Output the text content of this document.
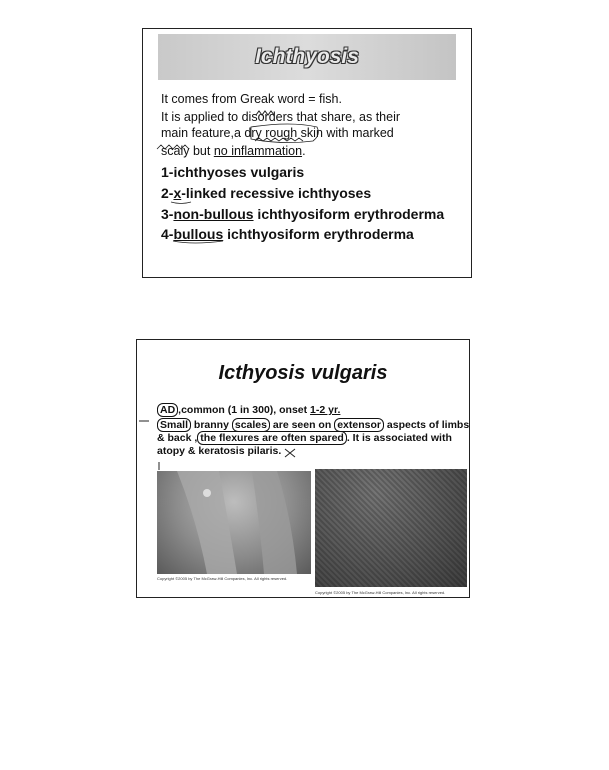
Ichthyosis
It comes from Greak word = fish.
It is applied to disorders that share, as their
main feature,a dry rough skin with marked
scaly but no inflammation.
1-ichthyoses vulgaris
2-x-linked recessive ichthyoses
3-non-bullous ichthyosiform erythroderma
4-bullous ichthyosiform erythroderma
Icthyosis vulgaris
AD ,common (1 in 300), onset 1-2 yr.
Small branny scales are seen on extensor aspects of limbs
& back , the flexures are often spared . It is associated with
atopy & keratosis pilaris.
Copyright ©2005 by The McGraw-Hill Companies, Inc. All rights reserved.
Copyright ©2005 by The McGraw-Hill Companies, Inc. All rights reserved.
